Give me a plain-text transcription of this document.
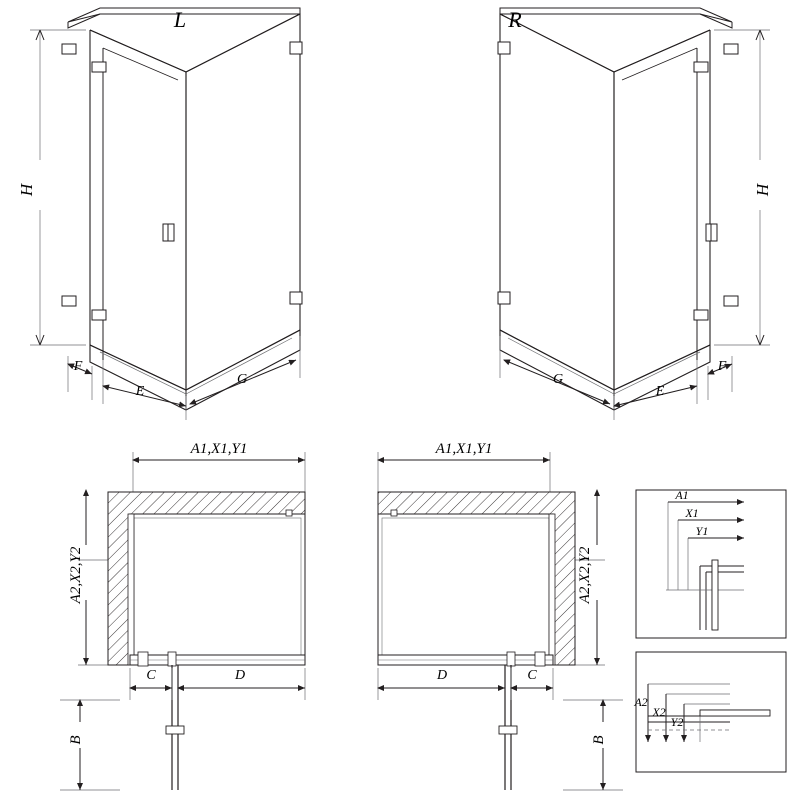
L	R
H	H
F
E
G
F
E
G
A1,X1,Y1	A1,X1,Y1
A2,X2,Y2	A2,X2,Y2
C	D	D	C
B	B
A1
X1
Y1
A2
X2
Y2
